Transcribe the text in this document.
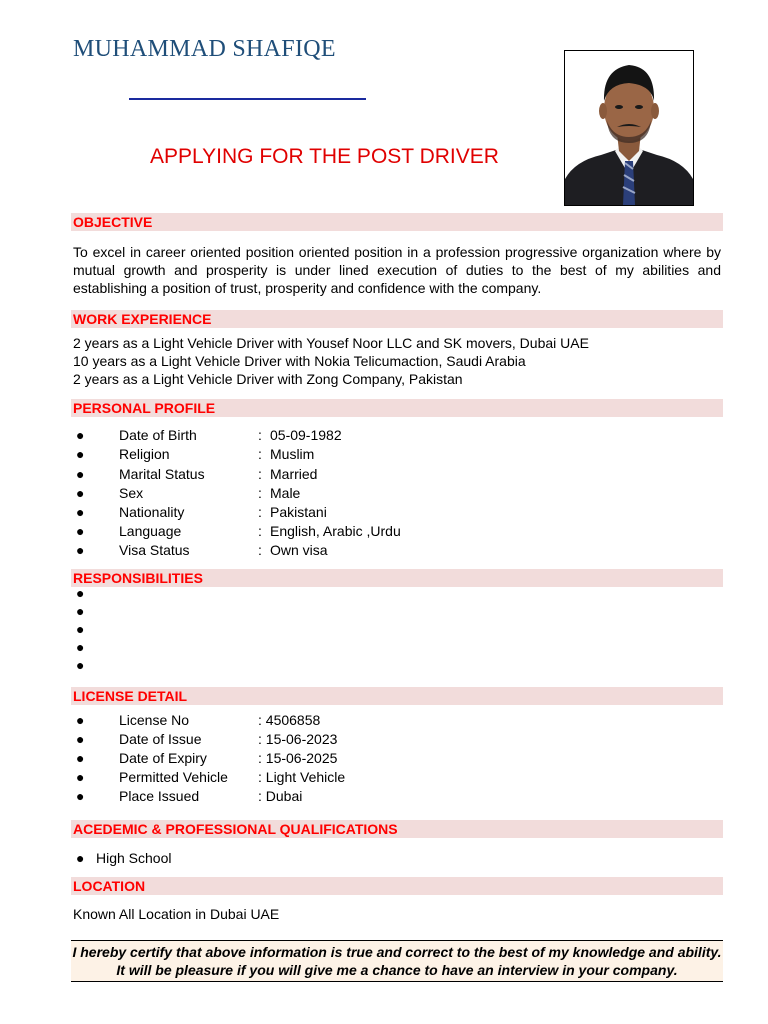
MUHAMMAD SHAFIQE
APPLYING FOR THE POST DRIVER
OBJECTIVE
To excel in career oriented position oriented position in a profession progressive organization where by mutual growth and prosperity is under lined execution of duties to the best of my abilities and establishing a position of trust, prosperity and confidence with the company.
WORK EXPERIENCE
2 years as a Light Vehicle Driver with Yousef Noor LLC and SK movers, Dubai UAE
10 years as a Light Vehicle Driver with Nokia Telicumaction, Saudi Arabia
2 years as a Light Vehicle Driver with Zong Company, Pakistan
PERSONAL PROFILE
● Date of Birth	: 05-09-1982
● Religion	: Muslim
● Marital Status	: Married
● Sex	: Male
● Nationality	: Pakistani
● Language	: English, Arabic ,Urdu
● Visa Status	: Own visa
RESPONSIBILITIES
●
●
●
●
●
LICENSE DETAIL
● License No	: 4506858
● Date of Issue	: 15-06-2023
● Date of Expiry	: 15-06-2025
● Permitted Vehicle : Light Vehicle
● Place Issued	: Dubai
ACEDEMIC & PROFESSIONAL QUALIFICATIONS
● High School
LOCATION
Known All Location in Dubai UAE
I hereby certify that above information is true and correct to the best of my knowledge and ability.
It will be pleasure if you will give me a chance to have an interview in your company.
